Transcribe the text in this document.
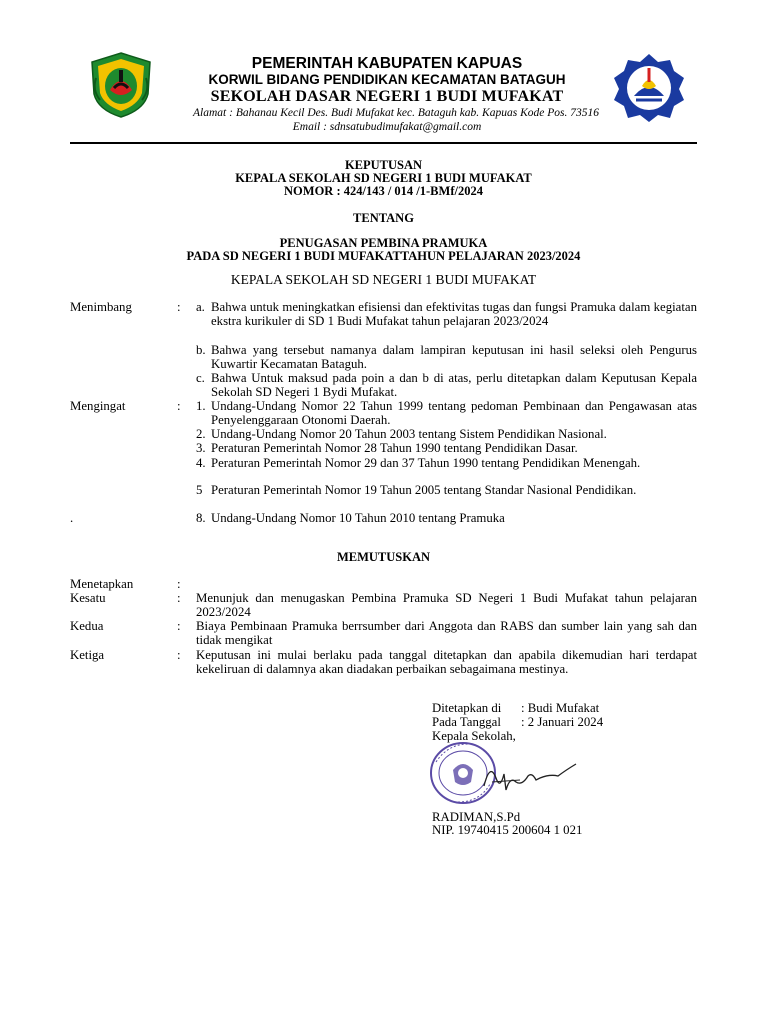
PEMERINTAH KABUPATEN KAPUAS
KORWIL BIDANG PENDIDIKAN KECAMATAN BATAGUH
SEKOLAH DASAR NEGERI 1 BUDI MUFAKAT
Alamat : Bahanau Kecil Des. Budi Mufakat kec. Bataguh kab. Kapuas Kode Pos. 73516
Email : sdnsatubudimufakat@gmail.com
KEPUTUSAN
KEPALA SEKOLAH SD NEGERI 1 BUDI MUFAKAT
NOMOR : 424/143 / 014 /1-BMf/2024
TENTANG
PENUGASAN PEMBINA PRAMUKA
PADA SD NEGERI 1 BUDI MUFAKATTAHUN PELAJARAN 2023/2024
KEPALA SEKOLAH SD NEGERI 1 BUDI MUFAKAT
Menimbang	: a. Bahwa untuk meningkatkan efisiensi dan efektivitas tugas dan fungsi Pramuka dalam kegiatan ekstra kurikuler di SD 1 Budi Mufakat tahun pelajaran 2023/2024
b. Bahwa yang tersebut namanya dalam lampiran keputusan ini hasil seleksi oleh Pengurus Kuwartir Kecamatan Bataguh.
c. Bahwa Untuk maksud pada poin a dan b di atas, perlu ditetapkan dalam Keputusan Kepala Sekolah SD Negeri 1 Bydi Mufakat.
Mengingat	: 1. Undang-Undang Nomor 22 Tahun 1999 tentang pedoman Pembinaan dan Pengawasan atas Penyelenggaraan Otonomi Daerah.
2. Undang-Undang Nomor 20 Tahun 2003 tentang Sistem Pendidikan Nasional.
3. Peraturan Pemerintah Nomor 28 Tahun 1990 tentang Pendidikan Dasar.
4. Peraturan Pemerintah Nomor 29 dan 37 Tahun 1990 tentang Pendidikan Menengah.
5 Peraturan Pemerintah Nomor 19 Tahun 2005 tentang Standar Nasional Pendidikan.
8. Undang-Undang Nomor 10 Tahun 2010 tentang Pramuka
.
MEMUTUSKAN
Menetapkan	:
Kesatu	: Menunjuk dan menugaskan Pembina Pramuka SD Negeri 1 Budi Mufakat tahun pelajaran 2023/2024
Kedua	: Biaya Pembinaan Pramuka berrsumber dari Anggota dan RABS dan sumber lain yang sah dan tidak mengikat
Ketiga	: Keputusan ini mulai berlaku pada tanggal ditetapkan dan apabila dikemudian hari terdapat kekeliruan di dalamnya akan diadakan perbaikan sebagaimana mestinya.
Ditetapkan di : Budi Mufakat
Pada Tanggal : 2 Januari 2024
Kepala Sekolah,
RADIMAN,S.Pd
NIP. 19740415 200604 1 021
